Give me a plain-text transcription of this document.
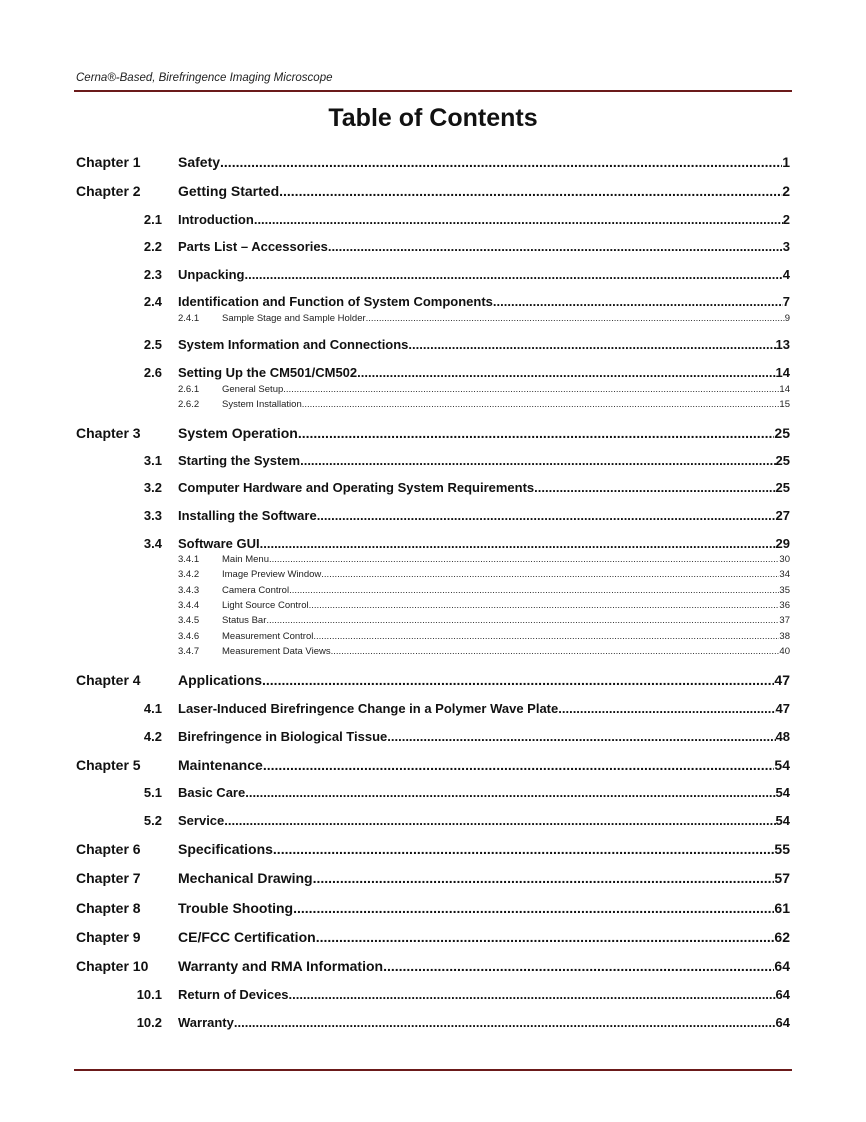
Cerna®-Based, Birefringence Imaging Microscope
Table of Contents
Chapter 1	Safety .....	1
Chapter 2	Getting Started .....	2
2.1 Introduction .....	2
2.2 Parts List – Accessories .....	3
2.3 Unpacking .....	4
2.4 Identification and Function of System Components .....	7
2.4.1 Sample Stage and Sample Holder .....	9
2.5 System Information and Connections .....	13
2.6 Setting Up the CM501/CM502 .....	14
2.6.1 General Setup .....	14
2.6.2 System Installation .....	15
Chapter 3	System Operation .....	25
3.1 Starting the System .....	25
3.2 Computer Hardware and Operating System Requirements .....	25
3.3 Installing the Software .....	27
3.4 Software GUI .....	29
3.4.1 Main Menu .....	30
3.4.2 Image Preview Window .....	34
3.4.3 Camera Control .....	35
3.4.4 Light Source Control .....	36
3.4.5 Status Bar .....	37
3.4.6 Measurement Control .....	38
3.4.7 Measurement Data Views .....	40
Chapter 4	Applications .....	47
4.1 Laser-Induced Birefringence Change in a Polymer Wave Plate .....	47
4.2 Birefringence in Biological Tissue .....	48
Chapter 5	Maintenance .....	54
5.1 Basic Care .....	54
5.2 Service .....	54
Chapter 6	Specifications .....	55
Chapter 7	Mechanical Drawing .....	57
Chapter 8	Trouble Shooting .....	61
Chapter 9	CE/FCC Certification .....	62
Chapter 10 Warranty and RMA Information .....	64
10.1 Return of Devices .....	64
10.2 Warranty .....	64
